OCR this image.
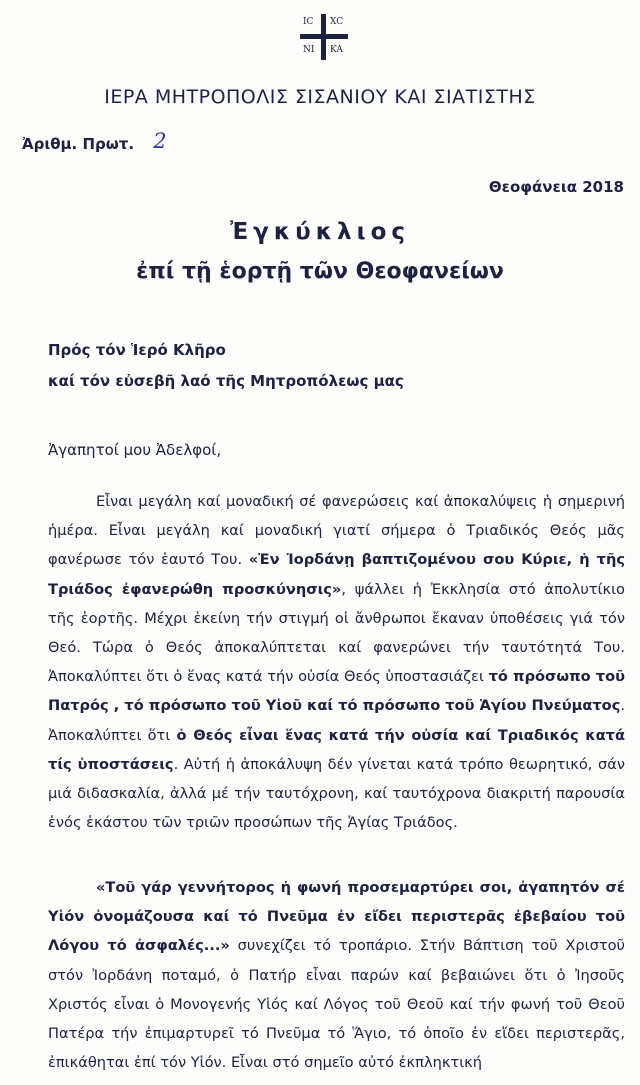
IC XC
NI KA
ΙΕΡΑ ΜΗΤΡΟΠΟΛΙΣ ΣΙΣΑΝΙΟΥ ΚΑΙ ΣΙΑΤΙΣΤΗΣ
Ἀριθμ. Πρωτ. 2
Θεοφάνεια 2018
Ἐγκύκλιος
ἐπί τῇ ἑορτῇ τῶν Θεοφανείων
Πρός τόν Ἱερό Κλῆρο
καί τόν εὐσεβῆ λαό τῆς Μητροπόλεως μας
Ἀγαπητοί μου Ἀδελφοί,

Εἶναι μεγάλη καί μοναδική σέ φανερώσεις καί ἀποκαλύψεις ἡ σημερινή ἡμέρα. Εἶναι μεγάλη καί μοναδική γιατί σήμερα ὁ Τριαδικός Θεός μᾶς φανέρωσε τόν ἑαυτό Του. «Ἐν Ἰορδάνῃ βαπτιζομένου σου Κύριε, ἡ τῆς Τριάδος ἐφανερώθη προσκύνησις», ψάλλει ἡ Ἐκκλησία στό ἀπολυτίκιο τῆς ἑορτῆς. Μέχρι ἐκείνη τήν στιγμή οἱ ἄνθρωποι ἔκαναν ὑποθέσεις γιά τόν Θεό. Τώρα ὁ Θεός ἀποκαλύπτεται καί φανερώνει τήν ταυτότητά Του. Ἀποκαλύπτει ὅτι ὁ ἕνας κατά τήν οὐσία Θεός ὑποστασιάζει τό πρόσωπο τοῦ Πατρός , τό πρόσωπο τοῦ Υἱοῦ καί τό πρόσωπο τοῦ Ἁγίου Πνεύματος. Ἀποκαλύπτει ὅτι ὁ Θεός εἶναι ἕνας κατά τήν οὐσία καί Τριαδικός κατά τίς ὑποστάσεις. Αὐτή ἡ ἀποκάλυψη δέν γίνεται κατά τρόπο θεωρητικό, σάν μιά διδασκαλία, ἀλλά μέ τήν ταυτόχρονη, καί ταυτόχρονα διακριτή παρουσία ἑνός ἑκάστου τῶν τριῶν προσώπων τῆς Ἁγίας Τριάδος.

«Τοῦ γάρ γεννήτορος ἡ φωνή προσεμαρτύρει σοι, ἀγαπητόν σέ Υἱόν ὀνομάζουσα καί τό Πνεῦμα ἐν εἴδει περιστερᾶς ἐβεβαίου τοῦ Λόγου τό ἀσφαλές...» συνεχίζει τό τροπάριο. Στήν Βάπτιση τοῦ Χριστοῦ στόν Ἰορδάνη ποταμό, ὁ Πατήρ εἶναι παρών καί βεβαιώνει ὅτι ὁ Ἰησοῦς Χριστός εἶναι ὁ Μονογενής Υἱός καί Λόγος τοῦ Θεοῦ καί τήν φωνή τοῦ Θεοῦ Πατέρα τήν ἐπιμαρτυρεῖ τό Πνεῦμα τό Ἅγιο, τό ὁποῖο ἐν εἴδει περιστερᾶς, ἐπικάθηται ἐπί τόν Υἱόν. Εἶναι στό σημεῖο αὐτό ἐκπληκτική
